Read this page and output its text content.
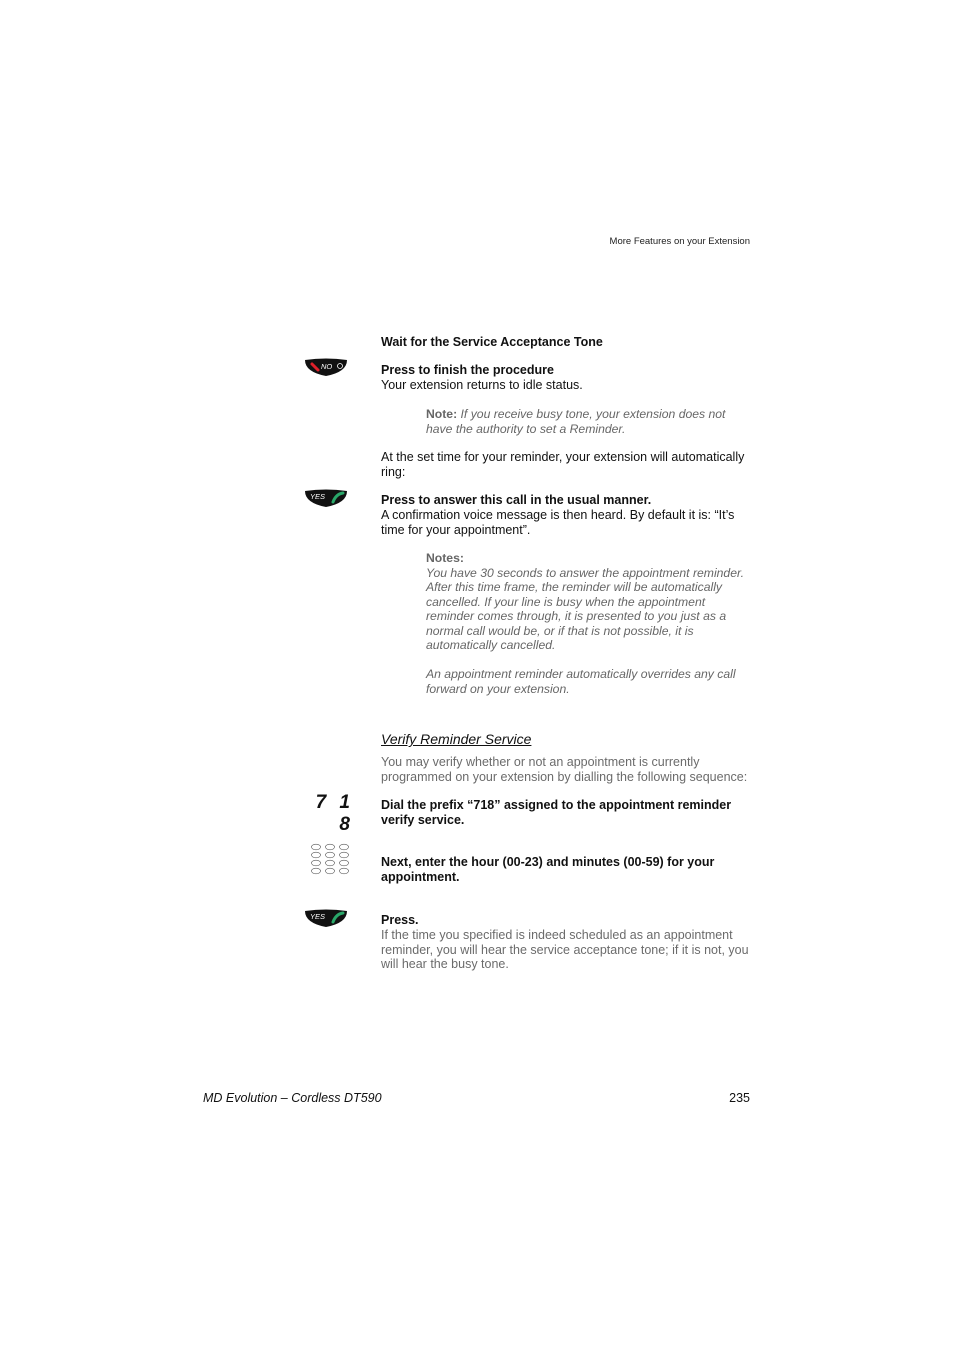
More Features on your Extension
Wait for the Service Acceptance Tone
NO	Press to finish the procedure
Your extension returns to idle status.
Note: If you receive busy tone, your extension does not have the authority to set a Reminder.
At the set time for your reminder, your extension will automatically ring:
YES	Press to answer this call in the usual manner.
A confirmation voice message is then heard. By default it is: “It’s time for your appointment”.
Notes:
You have 30 seconds to answer the appointment reminder. After this time frame, the reminder will be automatically cancelled. If your line is busy when the appointment reminder comes through, it is presented to you just as a normal call would be, or if that is not possible, it is automatically cancelled.
An appointment reminder automatically overrides any call forward on your extension.
Verify Reminder Service
You may verify whether or not an appointment is currently programmed on your extension by dialling the following sequence:
7 1 8
Dial the prefix “718” assigned to the appointment reminder verify service.
Next, enter the hour (00-23) and minutes (00-59) for your appointment.
YES	Press.
If the time you specified is indeed scheduled as an appointment reminder, you will hear the service acceptance tone; if it is not, you will hear the busy tone.
MD Evolution – Cordless DT590	235
